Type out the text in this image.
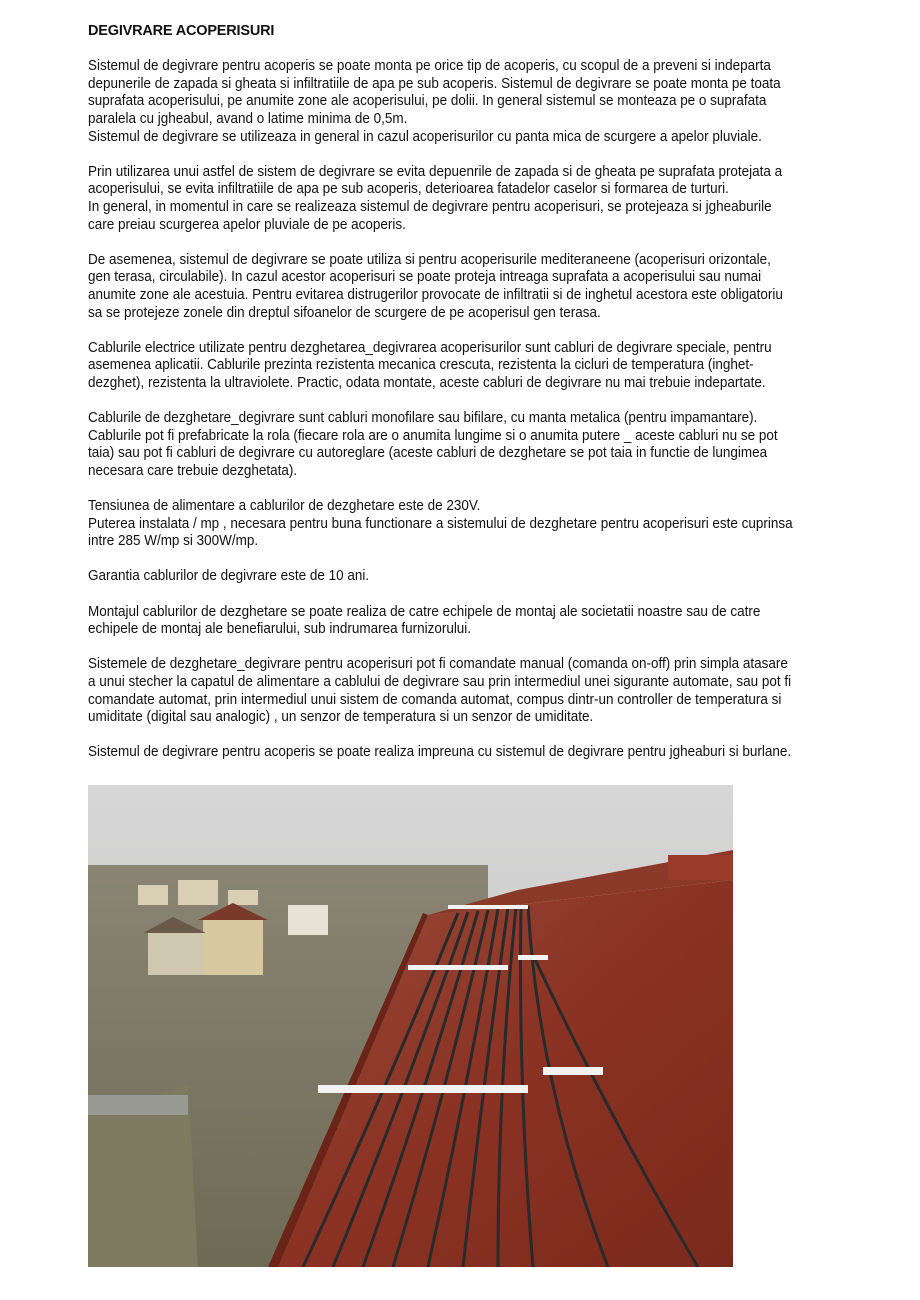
DEGIVRARE ACOPERISURI
Sistemul de degivrare pentru acoperis se poate monta pe orice tip de acoperis, cu scopul de a preveni si indeparta
depunerile de zapada si gheata si infiltratiile de apa pe sub acoperis. Sistemul de degivrare se poate monta pe toata
suprafata acoperisului, pe anumite zone ale acoperisului, pe dolii. In general sistemul se monteaza pe o suprafata
paralela cu jgheabul, avand o latime minima de 0,5m.
Sistemul de degivrare se utilizeaza in general in cazul acoperisurilor cu panta mica de scurgere a apelor pluviale.
Prin utilizarea unui astfel de sistem de degivrare se evita depuenrile de zapada si de gheata pe suprafata protejata a
acoperisului, se evita infiltratiile de apa pe sub acoperis, deterioarea fatadelor caselor si formarea de turturi.
In general, in momentul in care se realizeaza sistemul de degivrare pentru acoperisuri, se protejeaza si jgheaburile
care preiau scurgerea apelor pluviale de pe acoperis.
De asemenea, sistemul de degivrare se poate utiliza si pentru acoperisurile mediteraneene (acoperisuri orizontale,
gen terasa, circulabile). In cazul acestor acoperisuri se poate proteja intreaga suprafata a acoperisului sau numai
anumite zone ale acestuia. Pentru evitarea distrugerilor provocate de infiltratii si de inghetul acestora este obligatoriu
sa se protejeze zonele din dreptul sifoanelor de scurgere de pe acoperisul gen terasa.
Cablurile electrice utilizate pentru dezghetarea_degivrarea acoperisurilor sunt cabluri de degivrare speciale, pentru
asemenea aplicatii. Cablurile prezinta rezistenta mecanica crescuta, rezistenta la cicluri de temperatura (inghet-
dezghet), rezistenta la ultraviolete. Practic, odata montate, aceste cabluri de degivrare nu mai trebuie indepartate.
Cablurile de dezghetare_degivrare sunt cabluri monofilare sau bifilare, cu manta metalica (pentru impamantare).
Cablurile pot fi prefabricate la rola (fiecare rola are o anumita lungime si o anumita putere _ aceste cabluri nu se pot
taia) sau pot fi cabluri de degivrare cu autoreglare (aceste cabluri de dezghetare se pot taia in functie de lungimea
necesara care trebuie dezghetata).
Tensiunea de alimentare a cablurilor de dezghetare este de 230V.
Puterea instalata / mp , necesara pentru buna functionare a sistemului de dezghetare pentru acoperisuri este cuprinsa
intre 285 W/mp si 300W/mp.
Garantia cablurilor de degivrare este de 10 ani.
Montajul cablurilor de dezghetare se poate realiza de catre echipele de montaj ale societatii noastre sau de catre
echipele de montaj ale benefiarului, sub indrumarea furnizorului.
Sistemele de dezghetare_degivrare pentru acoperisuri pot fi comandate manual (comanda on-off) prin simpla atasare
a unui stecher la capatul de alimentare a cablului de degivrare sau prin intermediul unei sigurante automate, sau pot fi
comandate automat, prin intermediul unui sistem de comanda automat, compus dintr-un controller de temperatura si
umiditate (digital sau analogic) , un senzor de temperatura si un senzor de umiditate.
Sistemul de degivrare pentru acoperis se poate realiza impreuna cu sistemul de degivrare pentru jgheaburi si burlane.
